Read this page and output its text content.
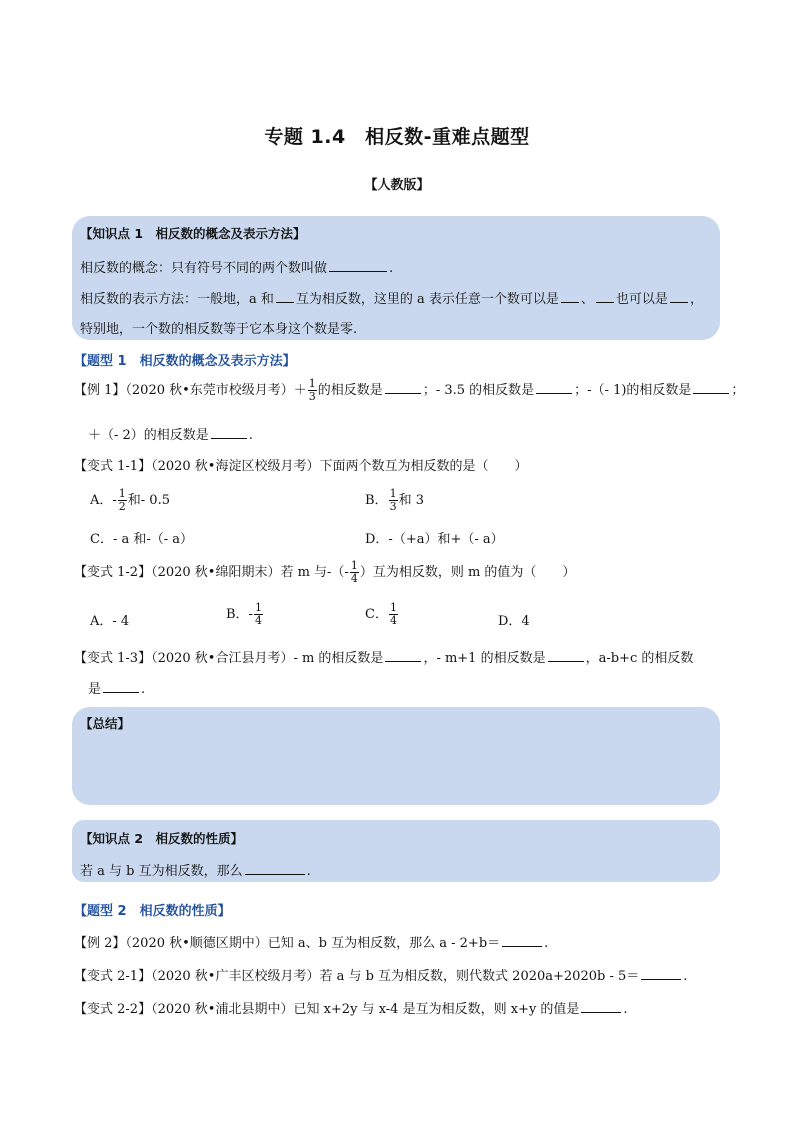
专题 1.4　相反数-重难点题型
【人教版】
【知识点 1　相反数的概念及表示方法】
相反数的概念：只有符号不同的两个数叫做	.
相反数的表示方法：一般地，a 和 互为相反数，这里的 a 表示任意一个数可以是 、 也可以是 ，
特别地，一个数的相反数等于它本身这个数是零.
【题型 1　相反数的概念及表示方法】
【例 1】（2020 秋•东莞市校级月考）＋ $\frac{1}{3}$ 的相反数是	；- 3.5 的相反数是	；-（- 1)的相反数是	；
＋（- 2）的相反数是	.
【变式 1-1】（2020 秋•海淀区校级月考）下面两个数互为相反数的是（　　）
A．- $\frac{1}{2}$ 和- 0.5	B． $\frac{1}{3}$ 和 3
C．- a 和-（- a）	D．-（+a）和+（- a）
【变式 1-2】（2020 秋•绵阳期末）若 m 与-（- $\frac{1}{4}$ ）互为相反数，则 m 的值为（　　）
A．- 4	B．- $\frac{1}{4}$	C． $\frac{1}{4}$	D．4
【变式 1-3】（2020 秋•合江县月考）- m 的相反数是	，- m+1 的相反数是	，a-b+c 的相反数
是	.
【总结】
【知识点 2　相反数的性质】
若 a 与 b 互为相反数，那么	.
【题型 2　相反数的性质】
【例 2】（2020 秋•顺德区期中）已知 a、b 互为相反数，那么 a - 2+b＝	.
【变式 2-1】（2020 秋•广丰区校级月考）若 a 与 b 互为相反数，则代数式 2020a+2020b - 5＝	.
【变式 2-2】（2020 秋•浦北县期中）已知 x+2y 与 x-4 是互为相反数，则 x+y 的值是	.
